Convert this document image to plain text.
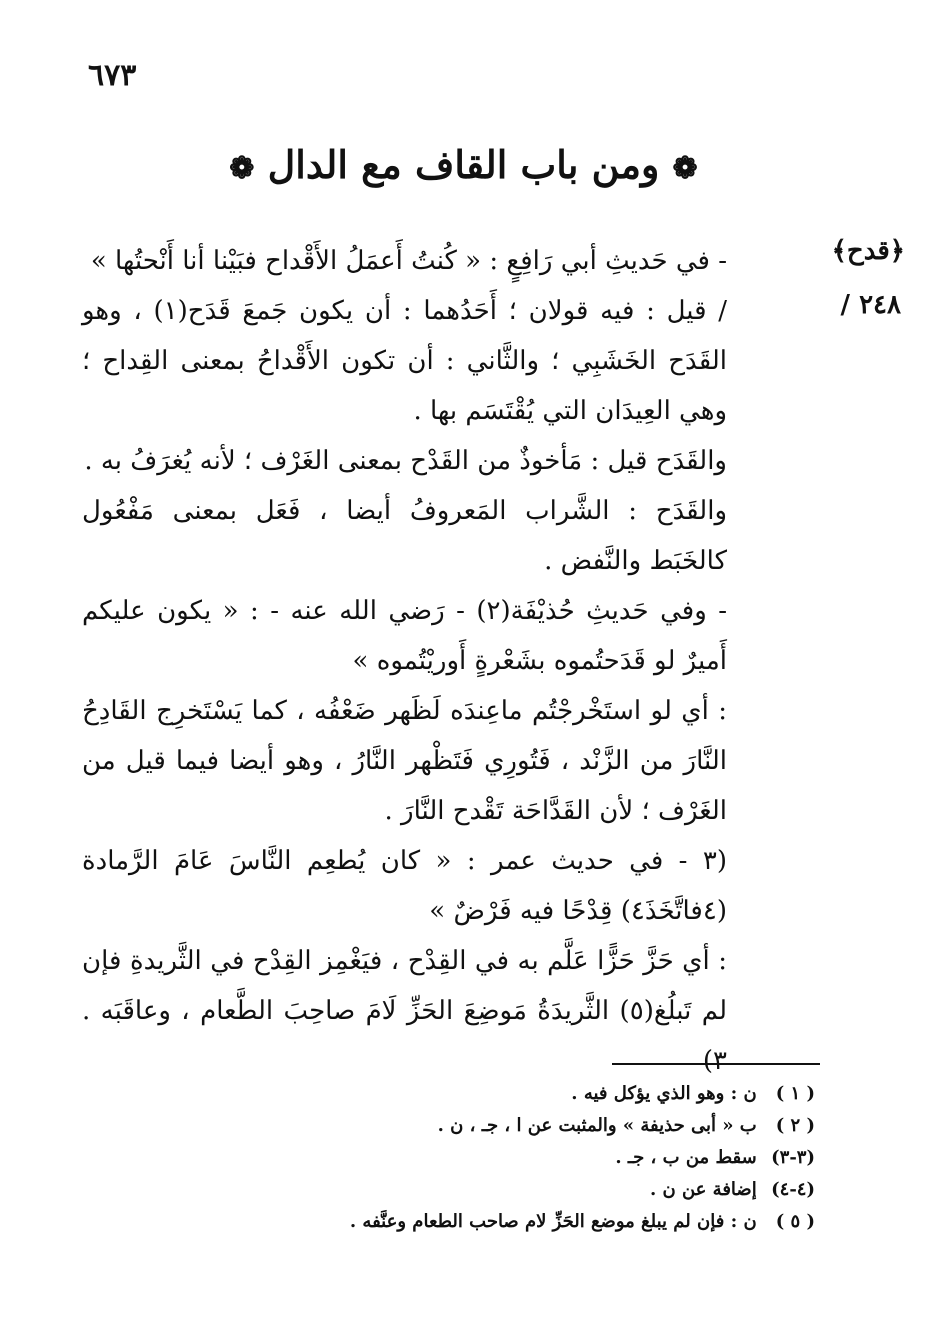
٦٧٣
❁ ومن باب القاف مع الدال ❁
﴿قدح﴾
٢٤٨ /

- في حَديثِ أبي رَافِعٍ : « كُنتُ أَعمَلُ الأَقْداح فبَيْنا أنا أَنْحتُها »

/ قيل : فيه قولان ؛ أَحَدُهما : أن يكون جَمعَ قَدَح(١) ، وهو القَدَح الخَشَبِي ؛ والثَّاني : أن تكون الأَقْداحُ بمعنى القِداح ؛ وهي العِيدَان التي يُقْتَسَم بها .

والقَدَح قيل : مَأخوذٌ من القَدْح بمعنى الغَرْف ؛ لأنه يُغرَفُ به .

والقَدَح : الشَّراب المَعروفُ أيضا ، فَعَل بمعنى مَفْعُول كالخَبَط والنَّفض .

- وفي حَديثِ حُذيْفَة(٢) - رَضي الله عنه - : « يكون عليكم أَميرٌ لو قَدَحتُموه بشَعْرةٍ أَوريْتُموه »

: أي لو استَخْرجْتُم ماعِندَه لَظَهر ضَعْفُه ، كما يَسْتَخرِج القَادِحُ النَّارَ من الزَّنْد ، فَتُورِي فَتَظْهر النَّارُ ، وهو أيضا فيما قيل من الغَرْف ؛ لأن القَدَّاحَة تَقْدح النَّارَ .

(٣ - في حديث عمر : « كان يُطعِم النَّاسَ عَامَ الرَّمادة (٤فاتَّخَذَ٤) قِدْحًا فيه فَرْضٌ »

: أي حَزَّ حَزًّا عَلَّم به في القِدْح ، فيَغْمِز القِدْح في الثَّريدةِ فإن لم تَبلُغ(٥) الثَّريدَةُ مَوضِعَ الحَزِّ لَامَ صاحِبَ الطَّعام ، وعاقَبَه . ٣)

( ١ ) ن : وهو الذي يؤكل فيه .
( ٢ ) ب « أبى حذيفة » والمثبت عن ا ، جـ ، ن .
(٣-٣) سقط من ب ، جـ .
(٤-٤) إضافة عن ن .
( ٥ ) ن : فإن لم يبلغ موضع الحَزِّ لام صاحب الطعام وعنَّفه .
